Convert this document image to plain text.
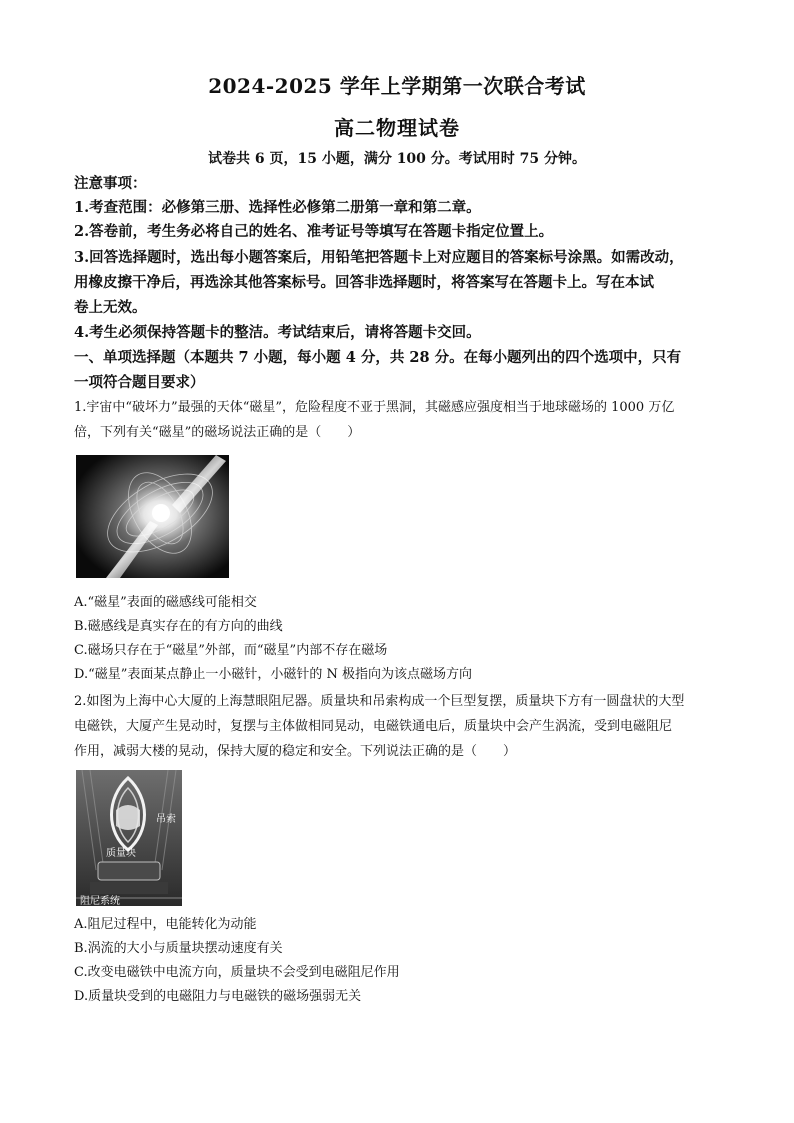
2024-2025 学年上学期第一次联合考试
高二物理试卷
试卷共 6 页，15 小题，满分 100 分。考试用时 75 分钟。
注意事项：
1.考查范围：必修第三册、选择性必修第二册第一章和第二章。
2.答卷前，考生务必将自己的姓名、准考证号等填写在答题卡指定位置上。
3.回答选择题时，选出每小题答案后，用铅笔把答题卡上对应题目的答案标号涂黑。如需改动，
用橡皮擦干净后，再选涂其他答案标号。回答非选择题时，将答案写在答题卡上。写在本试
卷上无效。
4.考生必须保持答题卡的整洁。考试结束后，请将答题卡交回。
一、单项选择题（本题共 7 小题，每小题 4 分，共 28 分。在每小题列出的四个选项中，只有
一项符合题目要求）
1.宇宙中“破坏力”最强的天体“磁星”，危险程度不亚于黑洞，其磁感应强度相当于地球磁场的 1000 万亿
倍，下列有关“磁星”的磁场说法正确的是（　　）
A.“磁星”表面的磁感线可能相交
B.磁感线是真实存在的有方向的曲线
C.磁场只存在于“磁星”外部，而“磁星”内部不存在磁场
D.“磁星”表面某点静止一小磁针，小磁针的 N 极指向为该点磁场方向
2.如图为上海中心大厦的上海慧眼阻尼器。质量块和吊索构成一个巨型复摆，质量块下方有一圆盘状的大型
电磁铁，大厦产生晃动时，复摆与主体做相同晃动，电磁铁通电后，质量块中会产生涡流，受到电磁阻尼
作用，减弱大楼的晃动，保持大厦的稳定和安全。下列说法正确的是（　　）
吊索
质量块
阻尼系统
A.阻尼过程中，电能转化为动能
B.涡流的大小与质量块摆动速度有关
C.改变电磁铁中电流方向，质量块不会受到电磁阻尼作用
D.质量块受到的电磁阻力与电磁铁的磁场强弱无关
